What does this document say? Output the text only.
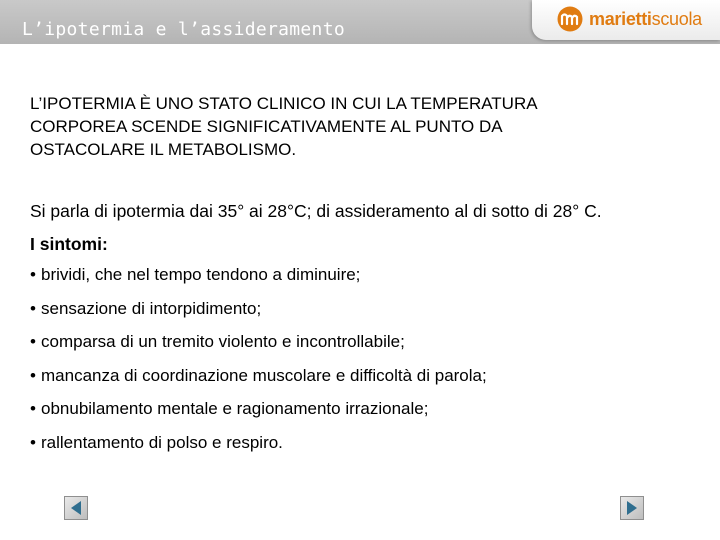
L’ipotermia e l’assideramento	mariettiscuola
L’IPOTERMIA È UNO STATO CLINICO IN CUI LA TEMPERATURA
CORPOREA SCENDE SIGNIFICATIVAMENTE AL PUNTO DA
OSTACOLARE IL METABOLISMO.
Si parla di ipotermia dai 35° ai 28°C; di assideramento al di sotto di 28° C.
I sintomi:
• brividi, che nel tempo tendono a diminuire;
• sensazione di intorpidimento;
• comparsa di un tremito violento e incontrollabile;
• mancanza di coordinazione muscolare e difficoltà di parola;
• obnubilamento mentale e ragionamento irrazionale;
• rallentamento di polso e respiro.
